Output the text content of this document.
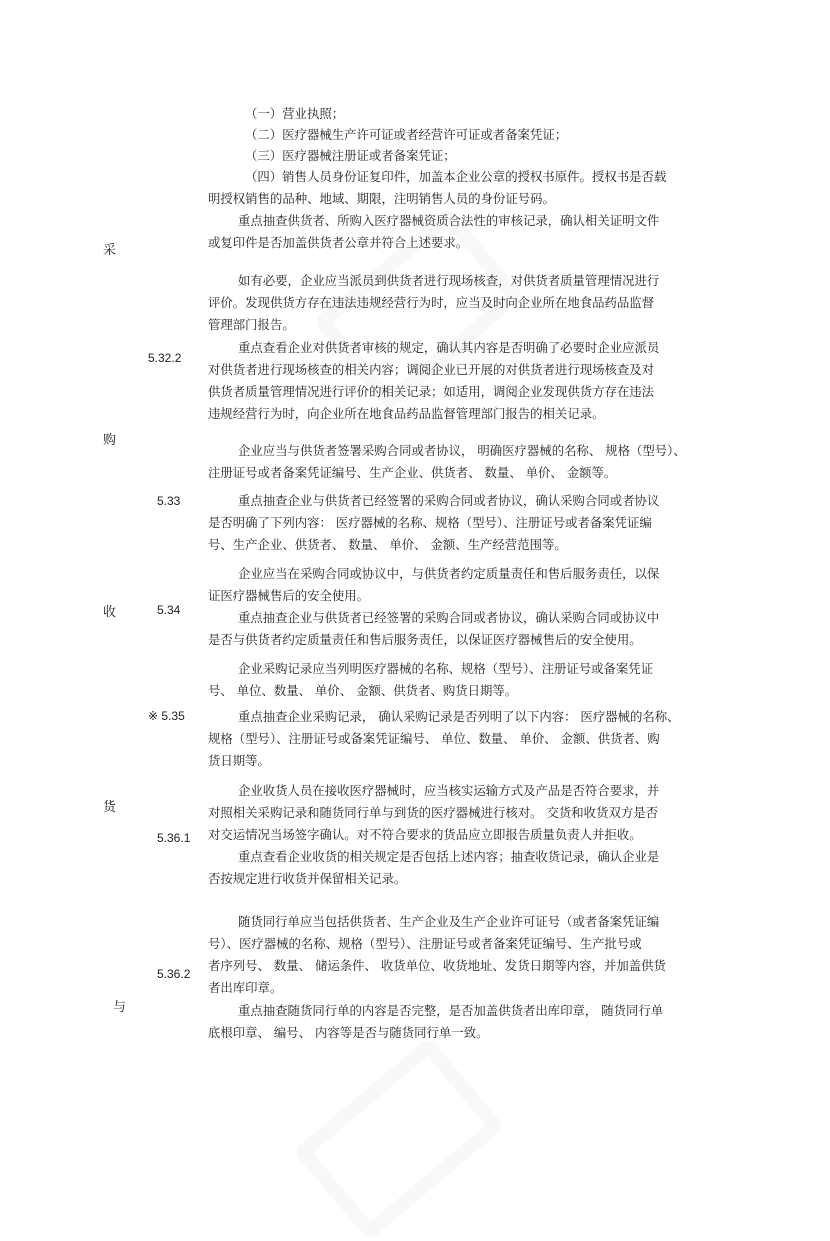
采
购
收
货
与
5.32.2
5.33
5.34
※ 5.35
5.36.1
5.36.2
（一）营业执照；
（二）医疗器械生产许可证或者经营许可证或者备案凭证；
（三）医疗器械注册证或者备案凭证；
（四）销售人员身份证复印件，加盖本企业公章的授权书原件。授权书是否载
明授权销售的品种、地域、期限，注明销售人员的身份证号码。
重点抽查供货者、所购入医疗器械资质合法性的审核记录，确认相关证明文件
或复印件是否加盖供货者公章并符合上述要求。
如有必要，企业应当派员到供货者进行现场核查，对供货者质量管理情况进行
评价。发现供货方存在违法违规经营行为时，应当及时向企业所在地食品药品监督
管理部门报告。
重点查看企业对供货者审核的规定，确认其内容是否明确了必要时企业应派员
对供货者进行现场核查的相关内容；调阅企业已开展的对供货者进行现场核查及对
供货者质量管理情况进行评价的相关记录；如适用，调阅企业发现供货方存在违法
违规经营行为时，向企业所在地食品药品监督管理部门报告的相关记录。
企业应当与供货者签署采购合同或者协议， 明确医疗器械的名称、 规格（型号）、
注册证号或者备案凭证编号、生产企业、供货者、 数量、 单价、 金额等。
重点抽查企业与供货者已经签署的采购合同或者协议，确认采购合同或者协议
是否明确了下列内容： 医疗器械的名称、规格（型号）、注册证号或者备案凭证编
号、生产企业、供货者、 数量、 单价、 金额、生产经营范围等。
企业应当在采购合同或协议中，与供货者约定质量责任和售后服务责任，以保
证医疗器械售后的安全使用。
重点抽查企业与供货者已经签署的采购合同或者协议，确认采购合同或协议中
是否与供货者约定质量责任和售后服务责任，以保证医疗器械售后的安全使用。
企业采购记录应当列明医疗器械的名称、规格（型号）、注册证号或备案凭证
号、 单位、数量、 单价、 金额、供货者、购货日期等。
重点抽查企业采购记录， 确认采购记录是否列明了以下内容： 医疗器械的名称、
规格（型号）、注册证号或备案凭证编号、 单位、数量、 单价、 金额、供货者、购
货日期等。
企业收货人员在接收医疗器械时，应当核实运输方式及产品是否符合要求，并
对照相关采购记录和随货同行单与到货的医疗器械进行核对。 交货和收货双方是否
对交运情况当场签字确认。对不符合要求的货品应立即报告质量负责人并拒收。
重点查看企业收货的相关规定是否包括上述内容；抽查收货记录，确认企业是
否按规定进行收货并保留相关记录。
随货同行单应当包括供货者、生产企业及生产企业许可证号（或者备案凭证编
号）、医疗器械的名称、规格（型号）、注册证号或者备案凭证编号、生产批号或
者序列号、 数量、 储运条件、 收货单位、收货地址、发货日期等内容，并加盖供货
者出库印章。
重点抽查随货同行单的内容是否完整，是否加盖供货者出库印章， 随货同行单
底根印章、 编号、 内容等是否与随货同行单一致。
